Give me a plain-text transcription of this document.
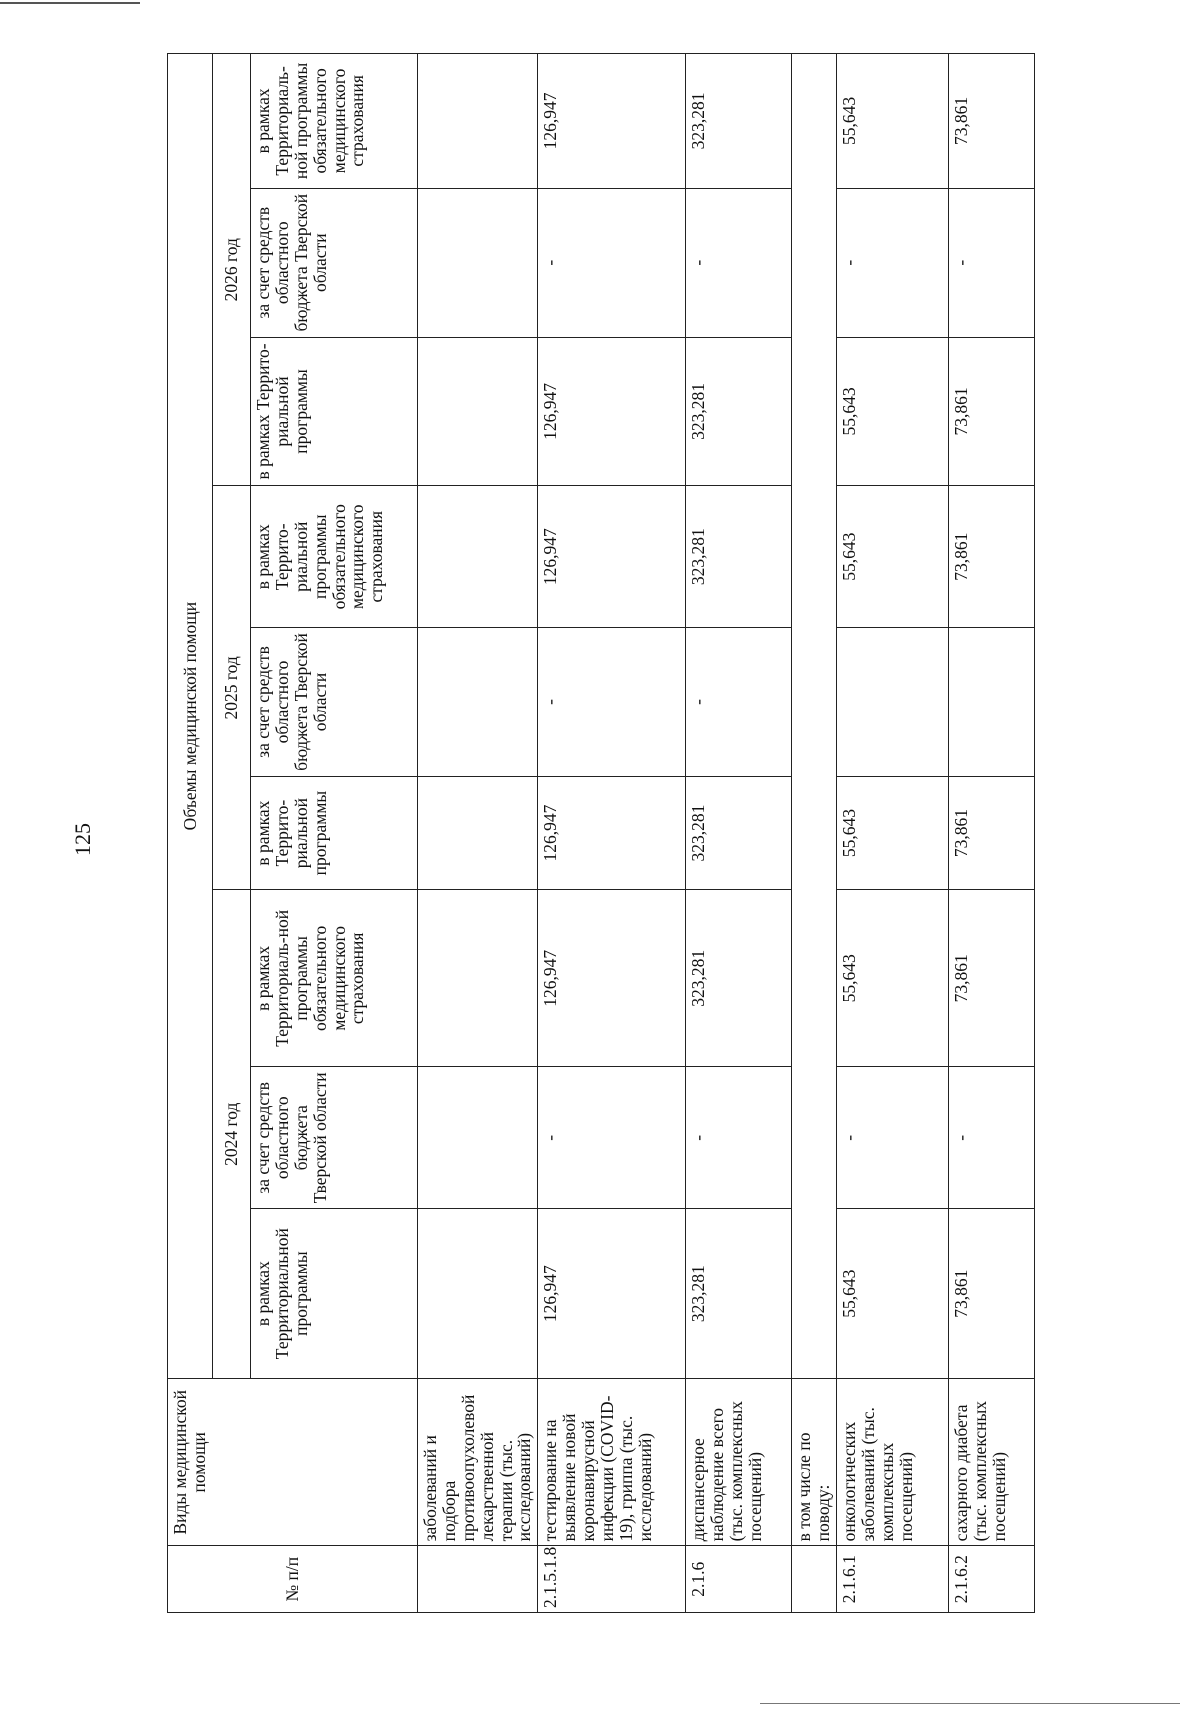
125
№ п/п	Виды медицинской помощи	Объемы медицинской помощи								
		2024 год			2025 год			2026 год		
		в рамках Территориальной программы	за счет средств областного бюджета Тверской области	в рамках Территориаль-ной программы обязательного медицинского страхования	в рамках Террито-риальной программы	за счет средств областного бюджета Тверской области	в рамках Террито-риальной программы обязательного медицинского страхования	в рамках Террито-риальной программы	за счет средств областного бюджета Тверской области	в рамках Территориаль-ной программы обязательного медицинского страхования
	заболеваний и подбора противоопухолевой лекарственной терапии (тыс. исследований)									
2.1.5.1.8	тестирование на выявление новой коронавирусной инфекции (COVID-19), гриппа (тыс. исследований)	126,947	-	126,947	126,947	-	126,947	126,947	-	126,947
2.1.6	диспансерное наблюдение всего (тыс. комплексных посещений)	323,281	-	323,281	323,281	-	323,281	323,281	-	323,281
	в том числе по поводу:									
2.1.6.1	онкологических заболеваний (тыс. комплексных посещений)	55,643	-	55,643	55,643		55,643	55,643	-	55,643
2.1.6.2	сахарного диабета (тыс. комплексных посещений)	73,861	-	73,861	73,861		73,861	73,861	-	73,861
